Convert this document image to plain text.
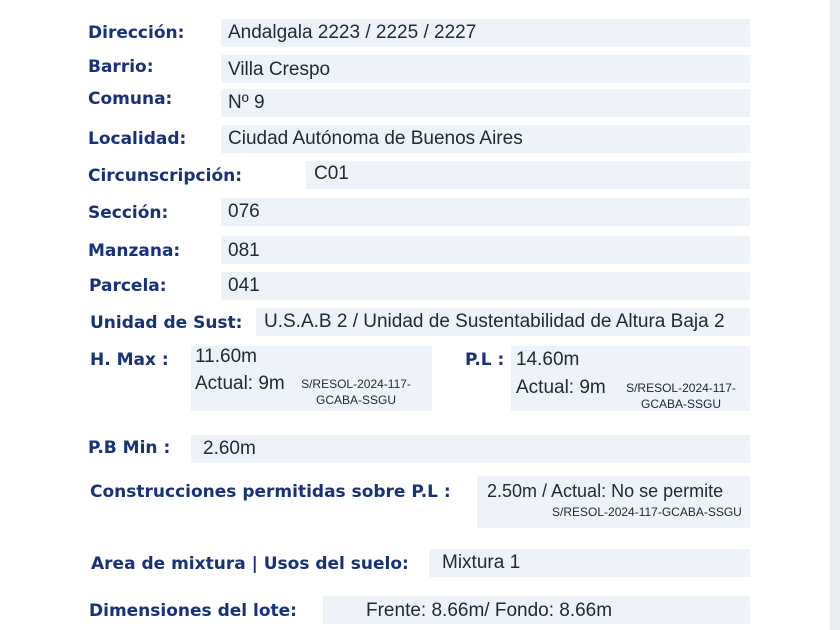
Dirección: Andalgala 2223 / 2225 / 2227
Barrio:	Villa Crespo
Comuna:	Nº 9
Localidad: Ciudad Autónoma de Buenos Aires
Circunscripción:	C01
Sección:	076
Manzana:	081
Parcela:	041
Unidad de Sust: U.S.A.B 2 / Unidad de Sustentabilidad de Altura Baja 2
H. Max : 11.60m
Actual: 9m	S/RESOL-2024-117-
GCABA-SSGU
P.L : 14.60m
Actual: 9m	S/RESOL-2024-117-
GCABA-SSGU
P.B Min : 2.60m
Construcciones permitidas sobre P.L : 2.50m / Actual: No se permite
S/RESOL-2024-117-GCABA-SSGU
Area de mixtura | Usos del suelo: Mixtura 1
Dimensiones del lote:	Frente: 8.66m/ Fondo: 8.66m
